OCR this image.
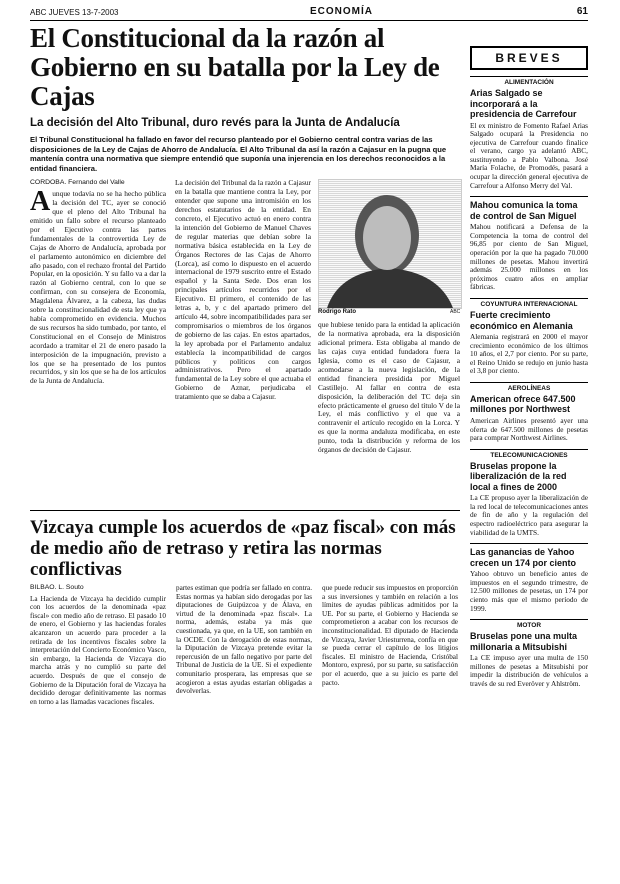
ABC JUEVES 13-7-2003	ECONOMÍA	61
El Constitucional da la razón al Gobierno en su batalla por la Ley de Cajas
La decisión del Alto Tribunal, duro revés para la Junta de Andalucía
El Tribunal Constitucional ha fallado en favor del recurso planteado por el Gobierno central contra varias de las disposiciones de la Ley de Cajas de Ahorro de Andalucía. El Alto Tribunal da así la razón a Cajasur en la pugna que mantenía contra una normativa que siempre entendió que suponía una injerencia en los derechos reconocidos a la entidad financiera.
CÓRDOBA. Fernando del Valle
A unque todavía no se ha hecho pública la decisión del TC, ayer se conoció que el pleno del Alto Tribunal ha emitido un fallo sobre el recurso planteado por el Ejecutivo contra las partes fundamentales de la controvertida Ley de Cajas de Ahorro de Andalucía, aprobada por el parlamento autonómico en diciembre del año pasado, con el rechazo frontal del Partido Popular, en la oposición. Y su fallo va a dar la razón al Gobierno central, con lo que se confirman, con su consejera de Economía, Magdalena Álvarez, a la cabeza, las dudas sobre la constitucionalidad de esta ley que ya había comprometido en evidencia. Muchos de sus recursos ha sido tumbado, por tanto, el Constitucional en el Consejo de Ministros acordado a tramitar el 21 de enero pasado la interposición de la impugnación, previsto a los que se ha presentado de los puntos recurridos, y sin los que se ha de los artículos de la Junta de Andalucía.
La decisión del Tribunal da la razón a Cajasur en la batalla que mantiene contra la Ley, por entender que supone una intromisión en los derechos estatutarios de la entidad. En concreto, el Ejecutivo actuó en enero contra la intención del Gobierno de Manuel Chaves de regular materias que debían sobre la normativa básica establecida en la Ley de Órganos Rectores de las Cajas de Ahorro (Lorca), así como lo dispuesto en el acuerdo internacional de 1979 suscrito entre el Estado español y la Santa Sede. Dos eran los principales artículos recurridos por el Ejecutivo. El primero, el contenido de las letras a, b, y c del apartado primero del artículo 44, sobre incompatibilidades para ser compromisarios o miembros de los órganos de gobierno de las cajas. En estos apartados, la ley aprobada por el Parlamento andaluz establecía la incompatibilidad de cargos públicos y políticos con cargos administrativos. Pero el apartado fundamental de la Ley sobre el que actuaba el Gobierno de Aznar, perjudicaba el tratamiento que se daba a Cajasur.
Rodrigo Rato	ABC
que hubiese tenido para la entidad la aplicación de la normativa aprobada, era la disposición adicional primera. Esta obligaba al mando de las cajas cuya entidad fundadora fuera la Iglesia, como es el caso de Cajasur, a acomodarse a la nueva legislación, de la entidad financiera presidida por Miguel Castillejo. Al fallar en contra de esta disposición, la deliberación del TC deja sin efecto prácticamente el grueso del título V de la Ley, el más conflictivo y el que va a contravenir el artículo recogido en la Lorca. Y es que la norma andaluza modificaba, en este punto, toda la distribución y reforma de los órganos de decisión de Cajasur.
Vizcaya cumple los acuerdos de «paz fiscal» con más de medio año de retraso y retira las normas conflictivas
BILBAO. L. Souto
La Hacienda de Vizcaya ha decidido cumplir con los acuerdos de la denominada «paz fiscal» con medio año de retraso. El pasado 10 de enero, el Gobierno y las haciendas forales alcanzaron un acuerdo para proceder a la retirada de los incentivos fiscales sobre la interpretación del Concierto Económico Vasco, sin embargo, la Hacienda de Vizcaya dio marcha atrás y no cumplió su parte del acuerdo. Después de que el consejo de Gobierno de la Diputación foral de Vizcaya ha decidido derogar definitivamente las normas en torno a las llamadas vacaciones fiscales.
partes estiman que podría ser fallado en contra. Estas normas ya habían sido derogadas por las diputaciones de Guipúzcoa y de Álava, en virtud de la denominada «paz fiscal». La norma, además, estaba ya más que cuestionada, ya que, en la UE, son también en la OCDE. Con la derogación de estas normas, la Diputación de Vizcaya pretende evitar la repercusión de un fallo negativo por parte del Tribunal de Justicia de la UE. Si el expediente comunitario prosperara, las empresas que se acogieron a estas ayudas estarían obligadas a devolverlas.
que puede reducir sus impuestos en proporción a sus inversiones y también en relación a los límites de ayudas públicas admitidos por la UE. Por su parte, el Gobierno y Hacienda se comprometieron a acabar con los recursos de inconstitucionalidad. El diputado de Hacienda de Vizcaya, Javier Uriesturrena, confía en que se pueda cerrar el capítulo de los litigios fiscales. El ministro de Hacienda, Cristóbal Montoro, expresó, por su parte, su satisfacción por el acuerdo, que a su juicio es parte del pacto.
BREVES
ALIMENTACIÓN
Arias Salgado se incorporará a la presidencia de Carrefour
El ex ministro de Fomento Rafael Arias Salgado ocupará la Presidencia no ejecutiva de Carrefour cuando finalice el verano, cargo ya adelantó ABC, sustituyendo a Pablo Valbona. José María Folache, de Promodés, pasará a ocupar la dirección general ejecutiva de Carrefour a Alfonso Merry del Val.
Mahou comunica la toma de control de San Miguel
Mahou notificará a Defensa de la Competencia la toma de control del 96,85 por ciento de San Miguel, operación por la que ha pagado 70.000 millones de pesetas. Mahou invertirá además 25.000 millones en los próximos cuatro años en ampliar fábricas.
COYUNTURA INTERNACIONAL
Fuerte crecimiento económico en Alemania
Alemania registrará en 2000 el mayor crecimiento económico de los últimos 10 años, el 2,7 por ciento. Por su parte, el Reino Unido se redujo en junio hasta el 3,8 por ciento.
AEROLÍNEAS
American ofrece 647.500 millones por Northwest
American Airlines presentó ayer una oferta de 647.500 millones de pesetas para comprar Northwest Airlines.
TELECOMUNICACIONES
Bruselas propone la liberalización de la red local a fines de 2000
La CE propuso ayer la liberalización de la red local de telecomunicaciones antes de fin de año y la regulación del espectro radioeléctrico para asegurar la viabilidad de la UMTS.
Las ganancias de Yahoo crecen un 174 por ciento
Yahoo obtuvo un beneficio antes de impuestos en el segundo trimestre, de 12.500 millones de pesetas, un 174 por ciento más que el mismo período de 1999.
MOTOR
Bruselas pone una multa millonaria a Mitsubishi
La CE impuso ayer una multa de 150 millones de pesetas a Mitsubishi por impedir la distribución de vehículos a través de su red Everöver y Ahlström.
